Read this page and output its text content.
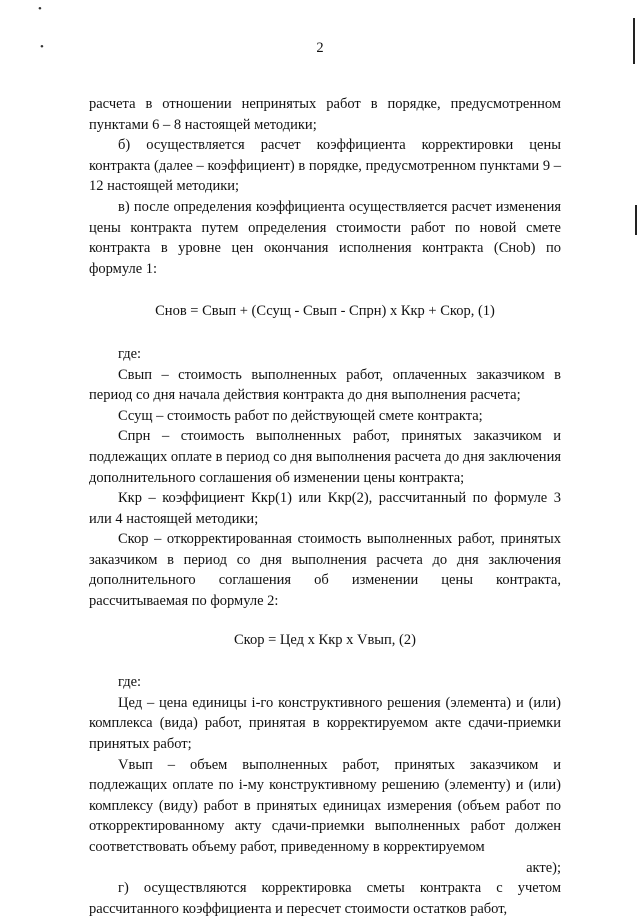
•
•	2

расчета в отношении непринятых работ в порядке, предусмотренном пунктами 6 – 8 настоящей методики;

б) осуществляется расчет коэффициента корректировки цены контракта (далее – коэффициент) в порядке, предусмотренном пунктами 9 – 12 настоящей методики;

в) после определения коэффициента осуществляется расчет изменения цены контракта путем определения стоимости работ по новой смете контракта в уровне цен окончания исполнения контракта (Сноb) по формуле 1:

Снов = Свып + (Ссущ - Свып - Спрн) х Ккр + Скор, (1)

где:

Свып – стоимость выполненных работ, оплаченных заказчиком в период со дня начала действия контракта до дня выполнения расчета;

Ссущ – стоимость работ по действующей смете контракта;

Спрн – стоимость выполненных работ, принятых заказчиком и подлежащих оплате в период со дня выполнения расчета до дня заключения дополнительного соглашения об изменении цены контракта;

Ккр – коэффициент Ккр(1) или Ккр(2), рассчитанный по формуле 3 или 4 настоящей методики;

Скор – откорректированная стоимость выполненных работ, принятых заказчиком в период со дня выполнения расчета до дня заключения дополнительного соглашения об изменении цены контракта, рассчитываемая по формуле 2:

Скор = Цед х Ккр х Vвып, (2)

где:

Цед – цена единицы i-го конструктивного решения (элемента) и (или) комплекса (вида) работ, принятая в корректируемом акте сдачи-приемки принятых работ;

Vвып – объем выполненных работ, принятых заказчиком и подлежащих оплате по i-му конструктивному решению (элементу) и (или) комплексу (виду) работ в принятых единицах измерения (объем работ по откорректированному акту сдачи-приемки выполненных работ должен соответствовать объему работ, приведенному в корректируемом

акте);

г) осуществляются корректировка сметы контракта с учетом рассчитанного коэффициента и пересчет стоимости остатков работ,
